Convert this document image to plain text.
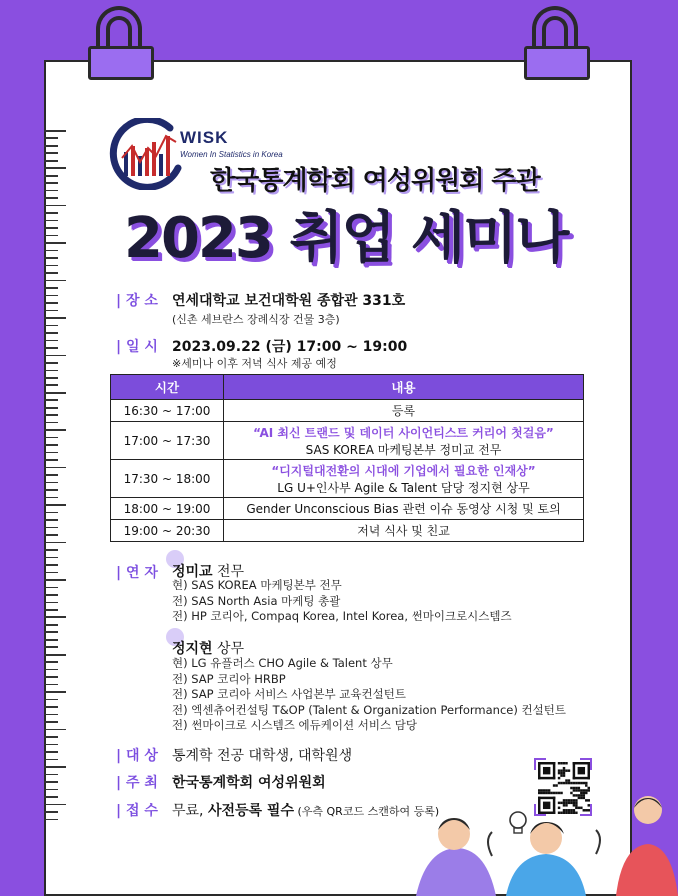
WISK
Women In Statistics in Korea
한국통계학회 여성위원회 주관
2023 취업 세미나
| 장 소 연세대학교 보건대학원 종합관 331호
(신촌 세브란스 장례식장 건물 3층)
| 일 시 2023.09.22 (금) 17:00 ~ 19:00
※세미나 이후 저녁 식사 제공 예정
시간	내용
16:30 ~ 17:00	등록
17:00 ~ 17:30	“AI 최신 트랜드 및 데이터 사이언티스트 커리어 첫걸음”
SAS KOREA 마케팅본부 정미교 전무

17:30 ~ 18:00	“디지털대전환의 시대에 기업에서 필요한 인재상”
LG U+인사부 Agile & Talent 담당 정지현 상무

18:00 ~ 19:00	Gender Unconscious Bias 관련 이슈 동영상 시청 및 토의
19:00 ~ 20:30	저녁 식사 및 친교
| 연 자 정미교 전무
현) SAS KOREA 마케팅본부 전무
전) SAS North Asia 마케팅 총괄
전) HP 코리아, Compaq Korea, Intel Korea, 썬마이크로시스템즈
정지현 상무
현) LG 유플러스 CHO Agile & Talent 상무
전) SAP 코리아 HRBP
전) SAP 코리아 서비스 사업본부 교육컨설턴트
전) 엑센츄어컨설팅 T&OP (Talent & Organization Performance) 컨설턴트
전) 썬마이크로 시스템즈 에듀케이션 서비스 담당
| 대 상 통계학 전공 대학생, 대학원생
| 주 최 한국통계학회 여성위원회
| 접 수 무료, 사전등록 필수 (우측 QR코드 스캔하여 등록)
